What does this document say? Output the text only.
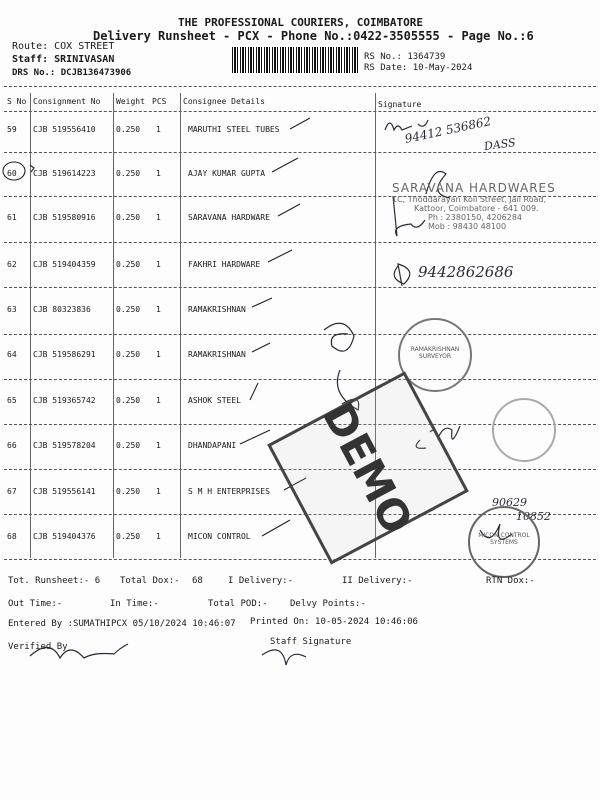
THE PROFESSIONAL COURIERS, COIMBATORE
Delivery Runsheet - PCX - Phone No.:0422-3505555 - Page No.:6
Route: COX STREET
Staff: SRINIVASAN
DRS No.: DCJB136473906
RS No.: 1364739
RS Date: 10-May-2024
S No Consignment No Weight PCS Consignee Details	Signature
59 CJB 519556410	0.250 1	MARUTHI STEEL TUBES
60 CJB 519614223	0.250 1	AJAY KUMAR GUPTA
61 CJB 519580916	0.250 1	SARAVANA HARDWARE
62 CJB 519404359	0.250 1	FAKHRI HARDWARE
63 CJB 80323836	0.250 1	RAMAKRISHNAN
64 CJB 519586291	0.250 1	RAMAKRISHNAN
65 CJB 519365742	0.250 1	ASHOK STEEL
66 CJB 519578204	0.250 1	DHANDAPANI
67 CJB 519556141	0.250 1	S M H ENTERPRISES
68 CJB 519404376	0.250 1	MICON CONTROL
94412 536862
DASS
9442862686
90629
10852
SARAVANA HARDWARES
1C, Thoddarayan Koil Street, Jail Road,
Kattoor, Coimbatore - 641 009.
Ph : 2380150, 4206284
Mob : 98430 48100
RAMAKRISHNAN SURVEYOR
MICON CONTROL SYSTEMS
DEMO
Tot. Runsheet:- 6 Total Dox:- 68	I Delivery:-	II Delivery:-	RTN Dox:-
Out Time:-	In Time:-	Total POD:- Delvy Points:-
Entered By :SUMATHIPCX 05/10/2024 10:46:07 Printed On: 10-05-2024 10:46:06
Verified By	Staff Signature
